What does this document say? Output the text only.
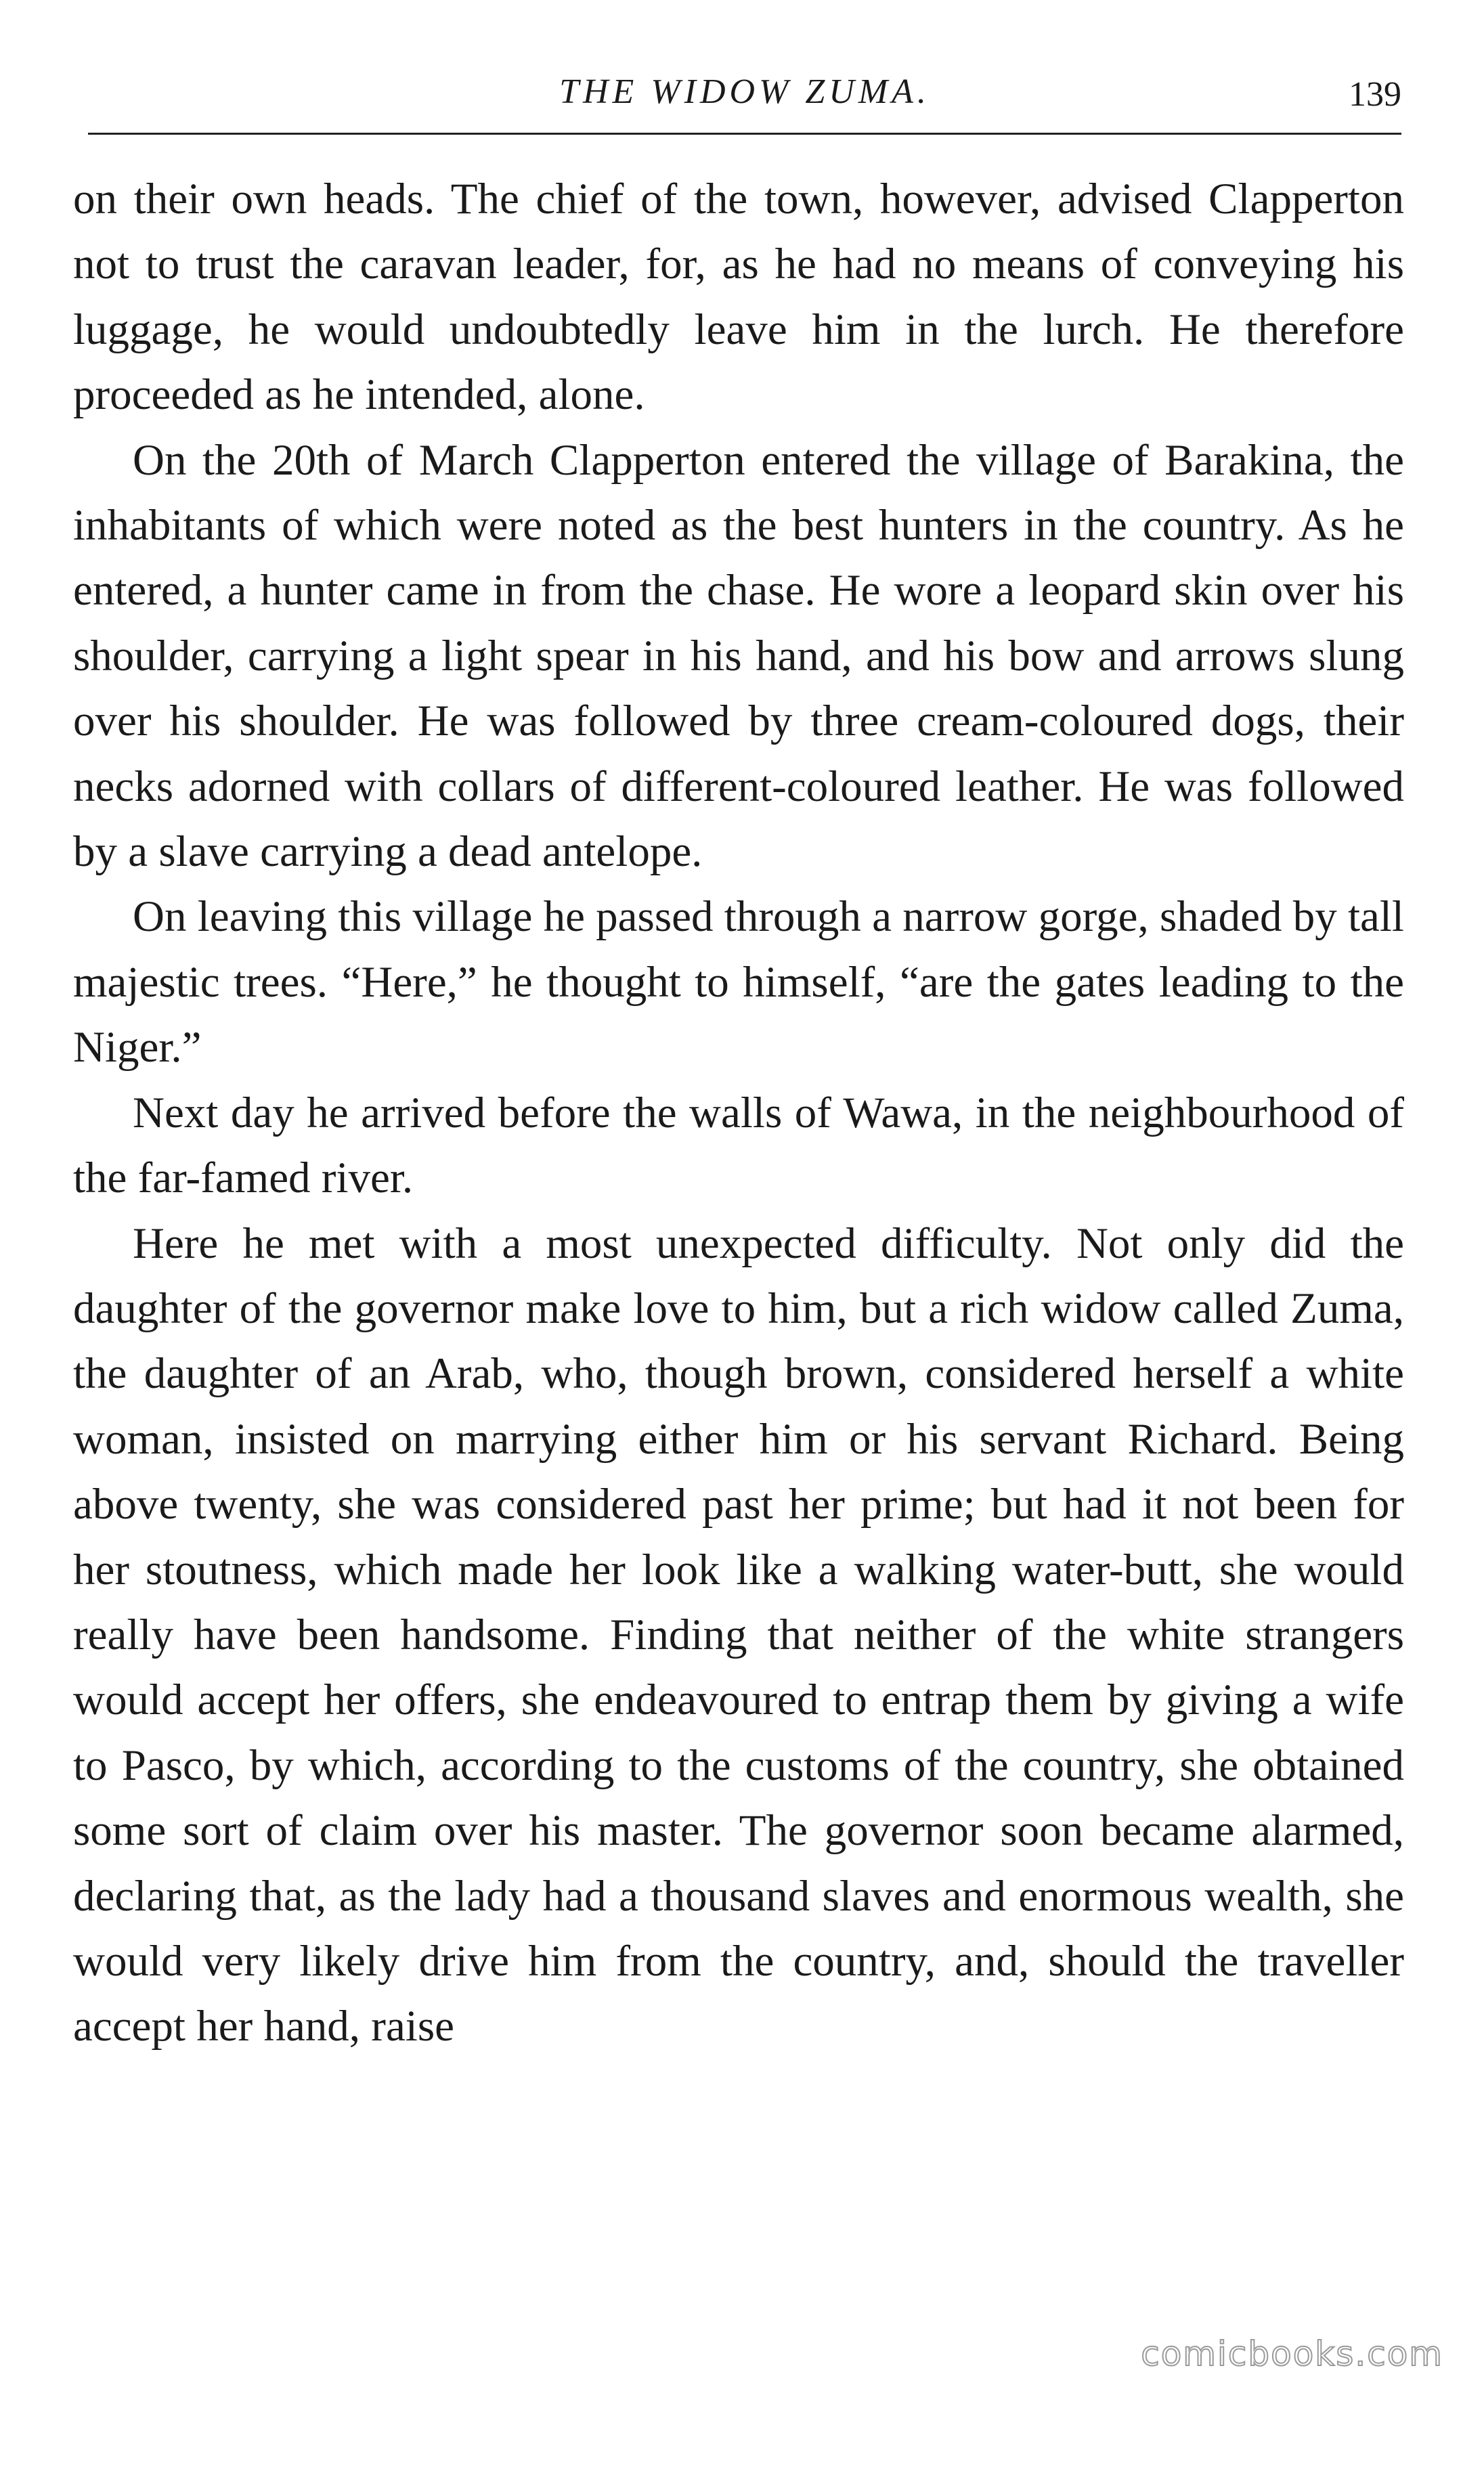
THE WIDOW ZUMA.	139

on their own heads. The chief of the town, however, advised Clapperton not to trust the caravan leader, for, as he had no means of conveying his luggage, he would undoubtedly leave him in the lurch. He therefore proceeded as he intended, alone.

On the 20th of March Clapperton entered the village of Barakina, the inhabitants of which were noted as the best hunters in the country. As he entered, a hunter came in from the chase. He wore a leopard skin over his shoulder, carrying a light spear in his hand, and his bow and arrows slung over his shoulder. He was followed by three cream-coloured dogs, their necks adorned with collars of different-coloured leather. He was followed by a slave carrying a dead antelope.

On leaving this village he passed through a narrow gorge, shaded by tall majestic trees. “Here,” he thought to himself, “are the gates leading to the Niger.”

Next day he arrived before the walls of Wawa, in the neighbourhood of the far-famed river.

Here he met with a most unexpected difficulty. Not only did the daughter of the governor make love to him, but a rich widow called Zuma, the daughter of an Arab, who, though brown, considered herself a white woman, insisted on marrying either him or his servant Richard. Being above twenty, she was considered past her prime; but had it not been for her stoutness, which made her look like a walking water-butt, she would really have been handsome. Finding that neither of the white strangers would accept her offers, she endeavoured to entrap them by giving a wife to Pasco, by which, according to the customs of the country, she obtained some sort of claim over his master. The governor soon became alarmed, declaring that, as the lady had a thousand slaves and enormous wealth, she would very likely drive him from the country, and, should the traveller accept her hand, raise

comicbooks.com
